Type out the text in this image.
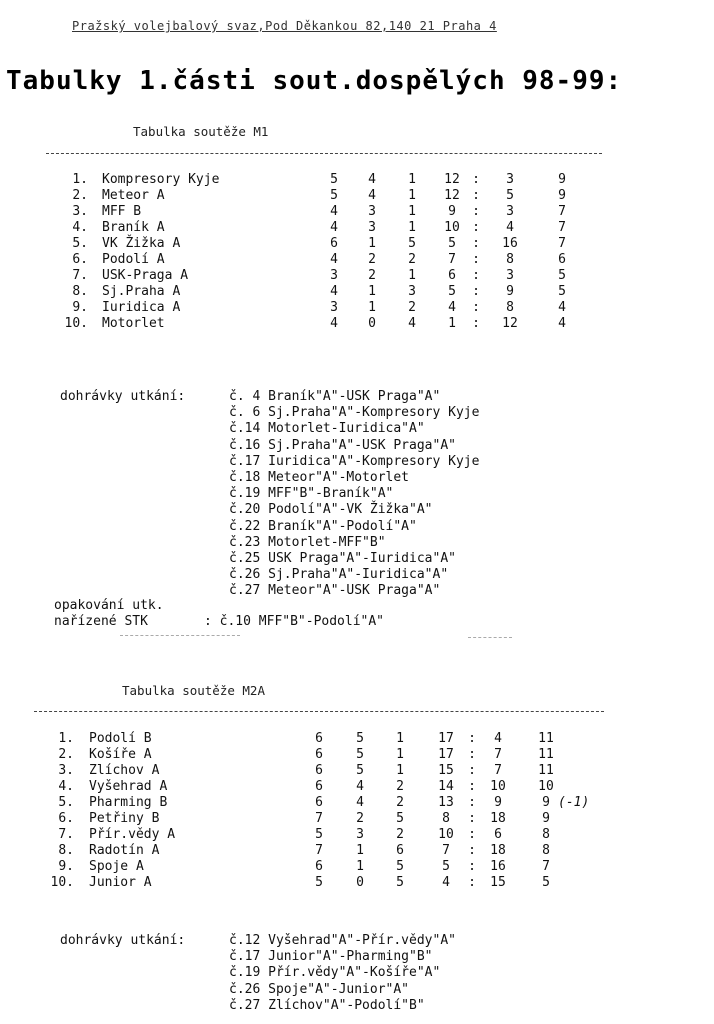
Pražský volejbalový svaz,Pod Děkankou 82,140 21 Praha 4
Tabulky 1.části sout.dospělých 98-99:
Tabulka soutěže M1
1. Kompresory Kyje	5	4	1	12 :	3	9
2. Meteor A	5	4	1	12 :	5	9
3. MFF B	4	3	1	9	:	3	7
4. Braník A	4	3	1	10 :	4	7
5. VK Žižka A	6	1	5	5	: 16	7
6. Podolí A	4	2	2	7	:	8	6
7. USK-Praga A	3	2	1	6	:	3	5
8. Sj.Praha A	4	1	3	5	:	9	5
9. Iuridica A	3	1	2	4	:	8	4
10. Motorlet	4	0	4	1	: 12	4
dohrávky utkání:	č. 4 Braník"A"-USK Praga"A"
č. 6 Sj.Praha"A"-Kompresory Kyje
č.14 Motorlet-Iuridica"A"
č.16 Sj.Praha"A"-USK Praga"A"
č.17 Iuridica"A"-Kompresory Kyje
č.18 Meteor"A"-Motorlet
č.19 MFF"B"-Braník"A"
č.20 Podolí"A"-VK Žižka"A"
č.22 Braník"A"-Podolí"A"
č.23 Motorlet-MFF"B"
č.25 USK Praga"A"-Iuridica"A"
č.26 Sj.Praha"A"-Iuridica"A"
č.27 Meteor"A"-USK Praga"A"
opakování utk.
nařízené STK	: č.10 MFF"B"-Podolí"A"
Tabulka soutěže M2A
1. Podolí B	6	5	1	17 :	4	11
2. Košíře A	6	5	1	17 :	7	11
3. Zlíchov A	6	5	1	15 :	7	11
4. Vyšehrad A	6	4	2	14 : 10 10
5. Pharming B	6	4	2	13 :	9	9 (-1)
6. Petřiny B	7	2	5	8	: 18	9
7. Přír.vědy A	5	3	2	10 :	6	8
8. Radotín A	7	1	6	7	: 18	8
9. Spoje A	6	1	5	5	: 16	7
10. Junior A	5	0	5	4	: 15	5
dohrávky utkání:	č.12 Vyšehrad"A"-Přír.vědy"A"
č.17 Junior"A"-Pharming"B"
č.19 Přír.vědy"A"-Košíře"A"
č.26 Spoje"A"-Junior"A"
č.27 Zlíchov"A"-Podolí"B"
